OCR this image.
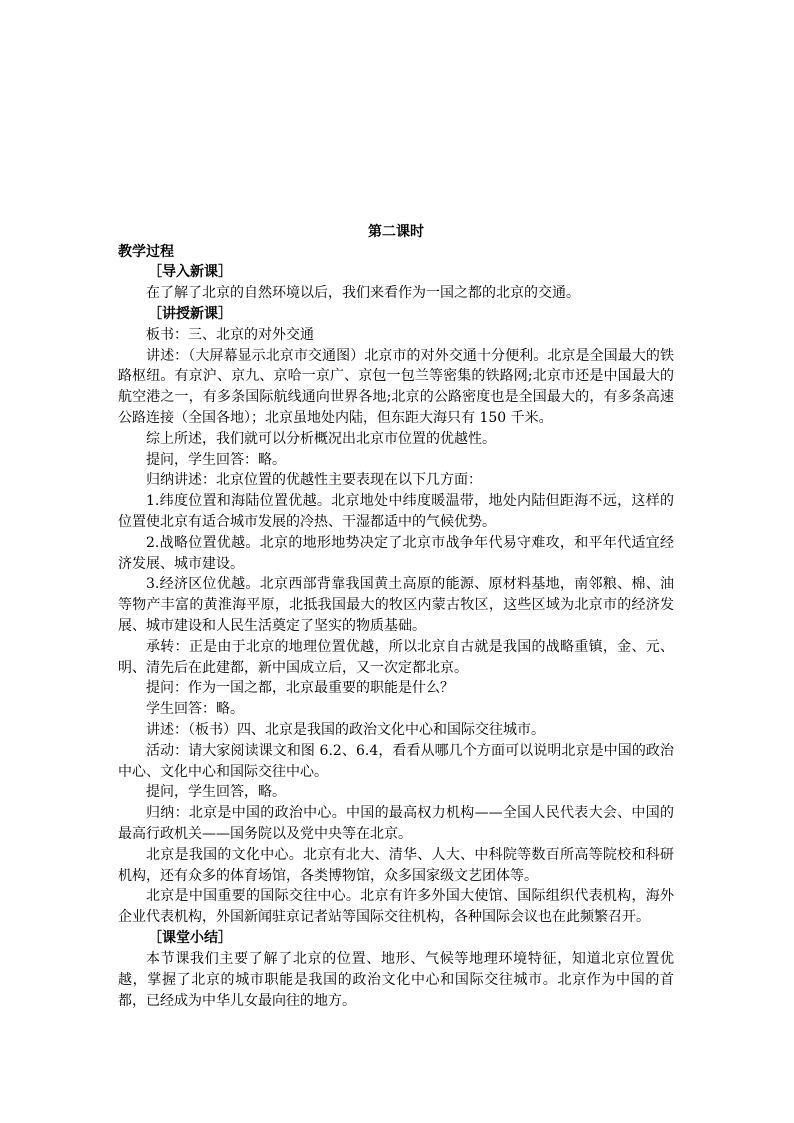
第二课时
教学过程
［导入新课］

在了解了北京的自然环境以后，我们来看作为一国之都的北京的交通。

［讲授新课］

板书：三、北京的对外交通

讲述：（大屏幕显示北京市交通图）北京市的对外交通十分便利。北京是全国最大的铁路枢纽。有京沪、京九、京哈一京广、京包一包兰等密集的铁路网;北京市还是中国最大的航空港之一，有多条国际航线通向世界各地;北京的公路密度也是全国最大的，有多条高速公路连接（全国各地）；北京虽地处内陆，但东距大海只有 150 千米。

综上所述，我们就可以分析概况出北京市位置的优越性。

提问，学生回答：略。

归纳讲述：北京位置的优越性主要表现在以下几方面：

1.纬度位置和海陆位置优越。北京地处中纬度暖温带，地处内陆但距海不远，这样的位置使北京有适合城市发展的冷热、干湿都适中的气候优势。

2.战略位置优越。北京的地形地势决定了北京市战争年代易守难攻，和平年代适宜经济发展、城市建设。

3.经济区位优越。北京西部背靠我国黄土高原的能源、原材料基地，南邻粮、棉、油等物产丰富的黄淮海平原，北抵我国最大的牧区内蒙古牧区，这些区域为北京市的经济发展、城市建设和人民生活奠定了坚实的物质基础。

承转：正是由于北京的地理位置优越，所以北京自古就是我国的战略重镇，金、元、明、清先后在此建都，新中国成立后，又一次定都北京。

提问：作为一国之都，北京最重要的职能是什么？

学生回答：略。

讲述：（板书）四、北京是我国的政治文化中心和国际交往城市。

活动：请大家阅读课文和图 6.2、6.4，看看从哪几个方面可以说明北京是中国的政治中心、文化中心和国际交往中心。

提问，学生回答，略。

归纳：北京是中国的政治中心。中国的最高权力机构——全国人民代表大会、中国的最高行政机关——国务院以及党中央等在北京。

北京是我国的文化中心。北京有北大、清华、人大、中科院等数百所高等院校和科研机构，还有众多的体育场馆，各类博物馆，众多国家级文艺团体等。

北京是中国重要的国际交往中心。北京有许多外国大使馆、国际组织代表机构，海外企业代表机构，外国新闻驻京记者站等国际交往机构，各种国际会议也在此频繁召开。

［课堂小结］

本节课我们主要了解了北京的位置、地形、气候等地理环境特征，知道北京位置优越，掌握了北京的城市职能是我国的政治文化中心和国际交往城市。北京作为中国的首都，已经成为中华儿女最向往的地方。
